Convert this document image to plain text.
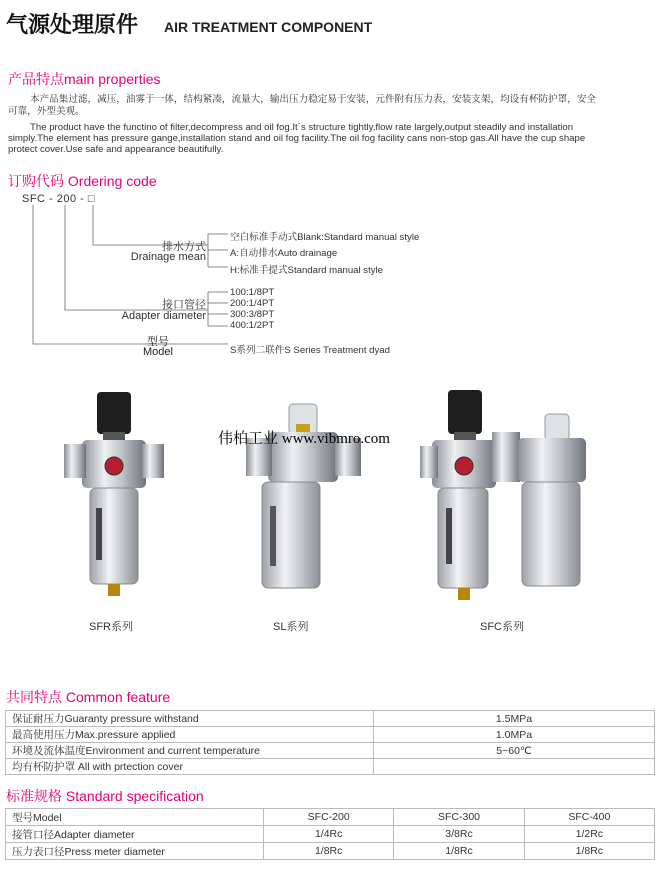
气源处理原件 AIR TREATMENT COMPONENT
产品特点main properties
本产品集过滤，减压，油雾于一体，结构紧凑，流量大，输出压力稳定易于安装，元件附有压力表，安装支架，均设有杯防护罩，安全
可靠，外型美观。
The product have the functino of filter,decompress and oil fog.It´s structure tightly,flow rate largely,output steadily and installation
simply.The element has pressure gange,installation stand and oil fog facility.The oil fog facility cans non-stop gas.All have the cup shape
protect cover.Use safe and appearance beautifully.
订购代码 Ordering code
SFC - 200 - □
排水方式
Drainage mean
空白标准手动式Blank:Standard manual style
A:自动排水Auto drainage
H:标准手提式Standard manual style
接口管径
Adapter diameter
100:1/8PT
200:1/4PT
300:3/8PT
400:1/2PT
型号
Model	S系列二联件S Series Treatment dyad
伟柏工业 www.vibmro.com
SFR系列	SL系列	SFC系列
共同特点 Common feature
保证耐压力Guaranty pressure withstand	1.5MPa
最高使用压力Max.pressure applied	1.0MPa
环境及流体温度Environment and current temperature	5~60℃
均有杯防护罩 All with prtection cover	
标准规格 Standard specification
型号Model	SFC-200	SFC-300	SFC-400
接管口径Adapter diameter	1/4Rc	3/8Rc	1/2Rc
压力表口径Press meter diameter	1/8Rc	1/8Rc	1/8Rc
